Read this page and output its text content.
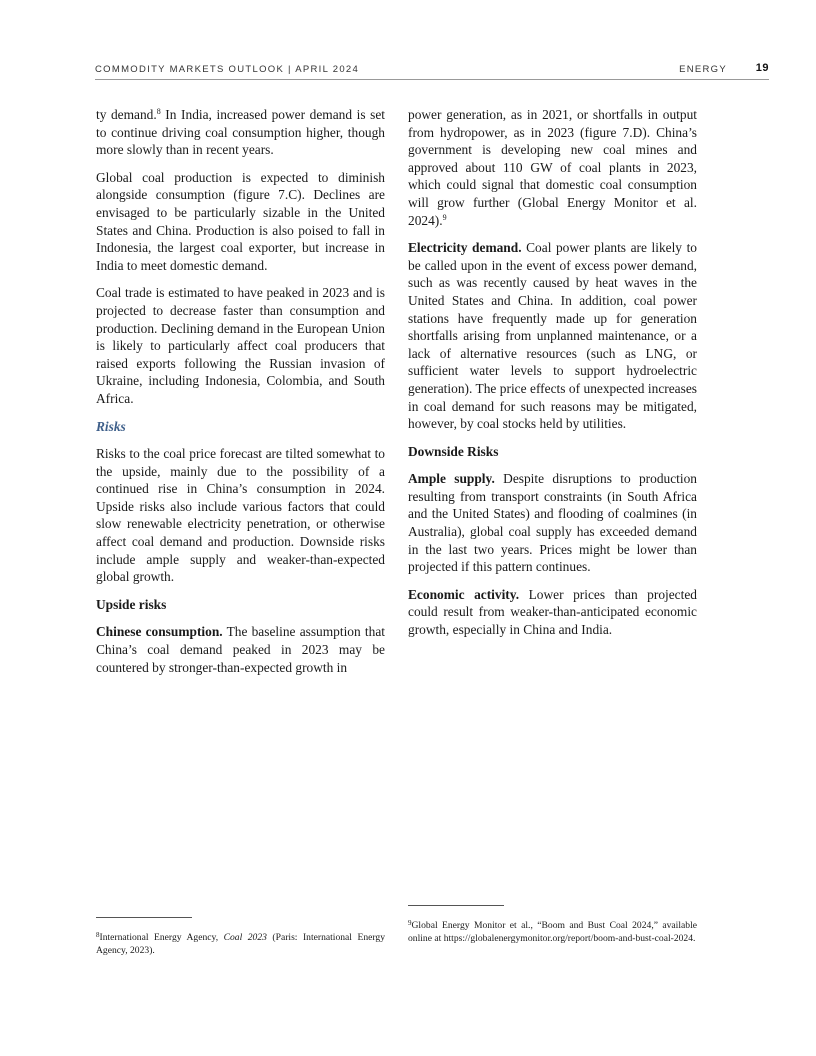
COMMODITY MARKETS OUTLOOK | APRIL 2024	ENERGY	19

ty demand.$^8$ In India, increased power demand is set to continue driving coal consumption higher, though more slowly than in recent years.

Global coal production is expected to diminish alongside consumption (figure 7.C). Declines are envisaged to be particularly sizable in the United States and China. Production is also poised to fall in Indonesia, the largest coal exporter, but increase in India to meet domestic demand.

Coal trade is estimated to have peaked in 2023 and is projected to decrease faster than consumption and production. Declining demand in the European Union is likely to particularly affect coal producers that raised exports following the Russian invasion of Ukraine, including Indonesia, Colombia, and South Africa.

Risks

Risks to the coal price forecast are tilted somewhat to the upside, mainly due to the possibility of a continued rise in China’s consumption in 2024. Upside risks also include various factors that could slow renewable electricity penetration, or otherwise affect coal demand and production. Downside risks include ample supply and weaker-than-expected global growth.

Upside risks

Chinese consumption. The baseline assumption that China’s coal demand peaked in 2023 may be countered by stronger-than-expected growth in

power generation, as in 2021, or shortfalls in output from hydropower, as in 2023 (figure 7.D). China’s government is developing new coal mines and approved about 110 GW of coal plants in 2023, which could signal that domestic coal consumption will grow further (Global Energy Monitor et al. 2024).$^9$

Electricity demand. Coal power plants are likely to be called upon in the event of excess power demand, such as was recently caused by heat waves in the United States and China. In addition, coal power stations have frequently made up for generation shortfalls arising from unplanned maintenance, or a lack of alternative resources (such as LNG, or sufficient water levels to support hydroelectric generation). The price effects of unexpected increases in coal demand for such reasons may be mitigated, however, by coal stocks held by utilities.

Downside Risks

Ample supply. Despite disruptions to production resulting from transport constraints (in South Africa and the United States) and flooding of coalmines (in Australia), global coal supply has exceeded demand in the last two years. Prices might be lower than projected if this pattern continues.

Economic activity. Lower prices than projected could result from weaker-than-anticipated economic growth, especially in China and India.

$^8$International Energy Agency, Coal 2023 (Paris: International Energy Agency, 2023).
$^9$Global Energy Monitor et al., “Boom and Bust Coal 2024,” available online at https://globalenergymonitor.org/report/boom-and-bust-coal-2024.
